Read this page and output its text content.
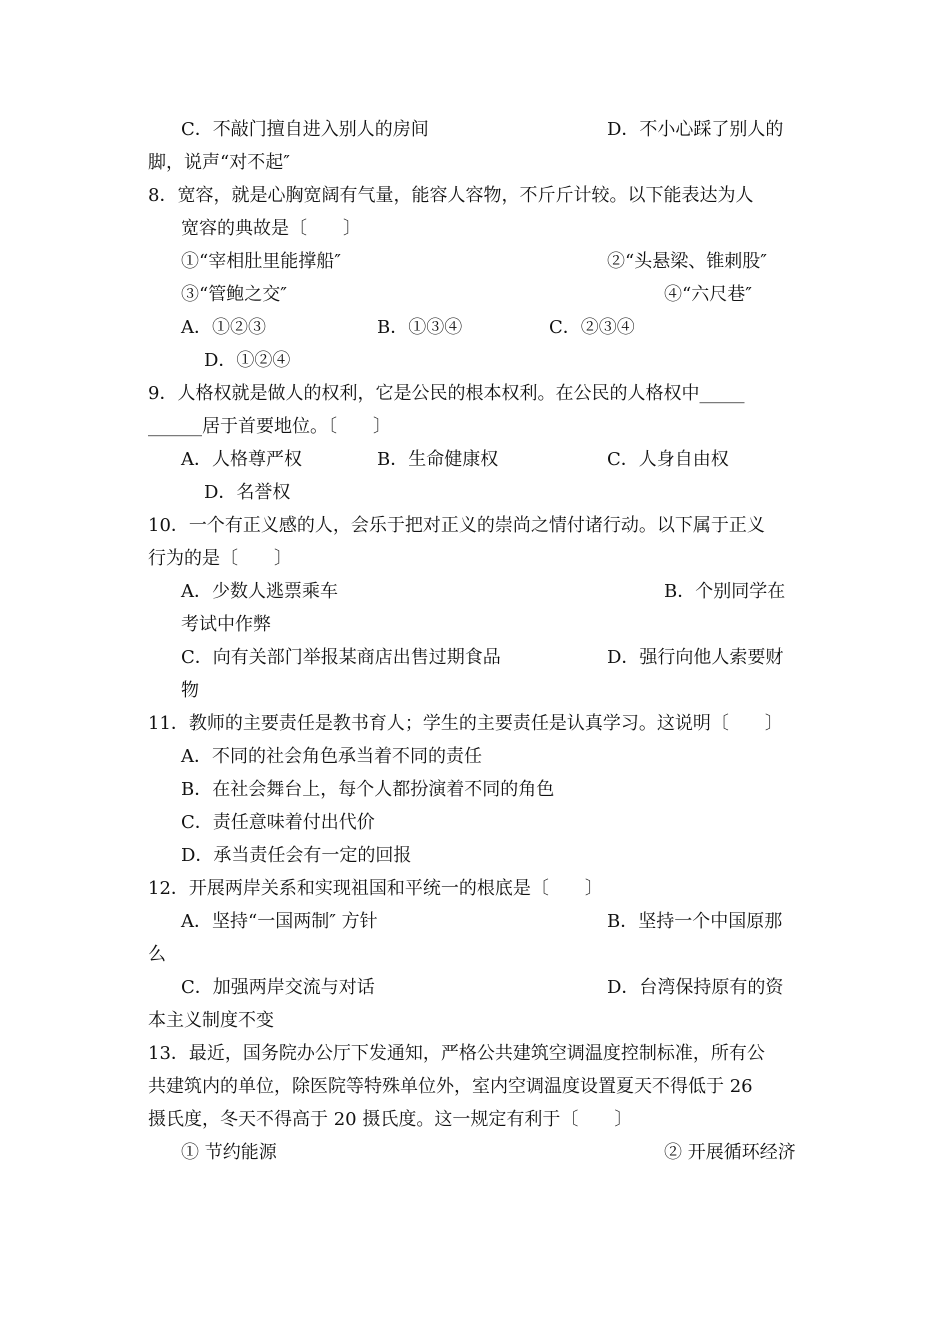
C．不敲门擅自进入别人的房间	D．不小心踩了别人的
脚，说声“对不起″
8．宽容，就是心胸宽阔有气量，能容人容物，不斤斤计较。以下能表达为人
宽容的典故是〔　　〕
①“宰相肚里能撑船″	②“头悬梁、锥刺股″
③“管鲍之交″	④“六尺巷″
A．①②③	B．①③④	C．②③④
D．①②④
9．人格权就是做人的权利，它是公民的根本权利。在公民的人格权中_____
______居于首要地位。〔　　〕
A．人格尊严权	B．生命健康权	C．人身自由权
D．名誉权
10．一个有正义感的人，会乐于把对正义的崇尚之情付诸行动。以下属于正义
行为的是〔　　〕
A．少数人逃票乘车	B．个别同学在
考试中作弊
C．向有关部门举报某商店出售过期食品	D．强行向他人索要财
物
11．教师的主要责任是教书育人；学生的主要责任是认真学习。这说明〔　　〕
A．不同的社会角色承当着不同的责任
B．在社会舞台上，每个人都扮演着不同的角色
C．责任意味着付出代价
D．承当责任会有一定的回报
12．开展两岸关系和实现祖国和平统一的根底是〔　　〕
A．坚持“一国两制″ 方针	B．坚持一个中国原那
么
C．加强两岸交流与对话	D．台湾保持原有的资
本主义制度不变
13．最近，国务院办公厅下发通知，严格公共建筑空调温度控制标准，所有公
共建筑内的单位，除医院等特殊单位外，室内空调温度设置夏天不得低于 26
摄氏度，冬天不得高于 20 摄氏度。这一规定有利于〔　　〕
① 节约能源	② 开展循环经济
